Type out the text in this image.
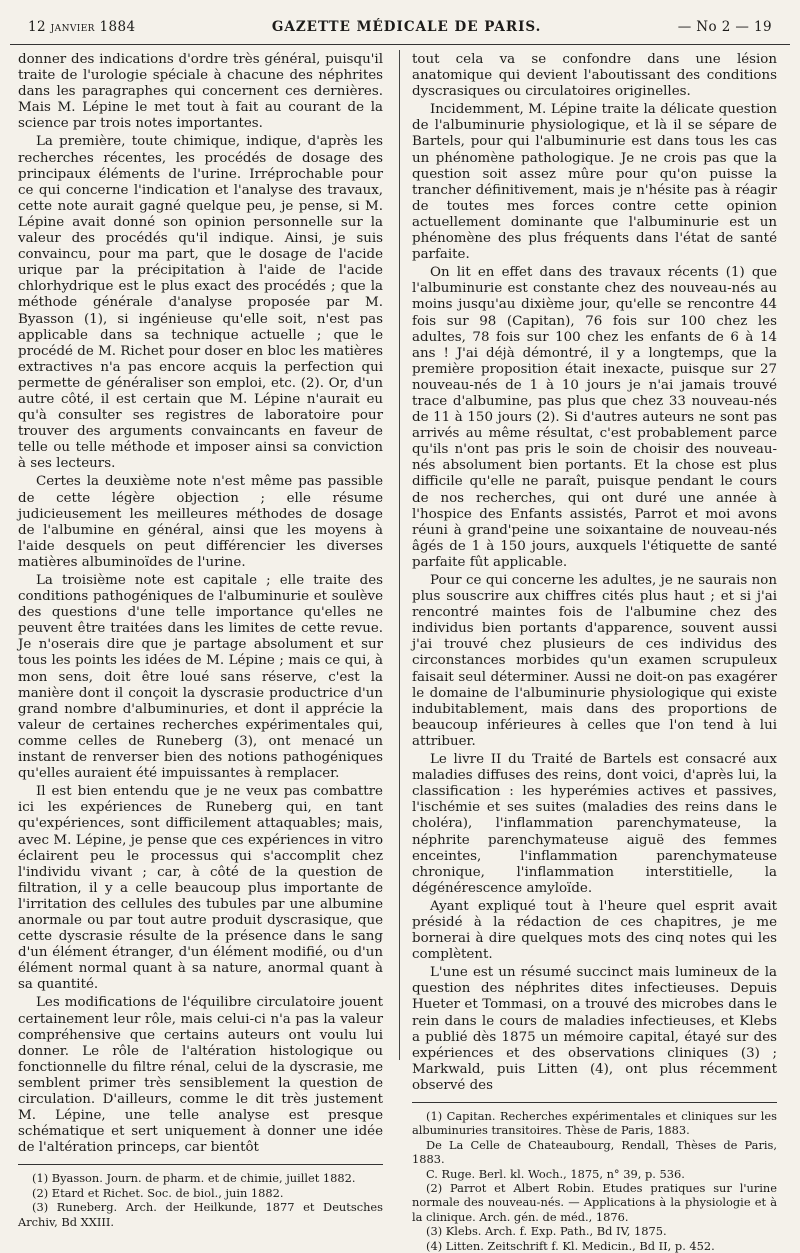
12 janvier 1884	GAZETTE MÉDICALE DE PARIS.	— No 2 — 19

donner des indications d'ordre très général, puisqu'il traite de l'urologie spéciale à chacune des néphrites dans les paragraphes qui concernent ces dernières. Mais M. Lépine le met tout à fait au courant de la science par trois notes importantes.

La première, toute chimique, indique, d'après les recherches récentes, les procédés de dosage des principaux éléments de l'urine. Irréprochable pour ce qui concerne l'indication et l'analyse des travaux, cette note aurait gagné quelque peu, je pense, si M. Lépine avait donné son opinion personnelle sur la valeur des procédés qu'il indique. Ainsi, je suis convaincu, pour ma part, que le dosage de l'acide urique par la précipitation à l'aide de l'acide chlorhydrique est le plus exact des procédés ; que la méthode générale d'analyse proposée par M. Byasson (1), si ingénieuse qu'elle soit, n'est pas applicable dans sa technique actuelle ; que le procédé de M. Richet pour doser en bloc les matières extractives n'a pas encore acquis la perfection qui permette de généraliser son emploi, etc. (2). Or, d'un autre côté, il est certain que M. Lépine n'aurait eu qu'à consulter ses registres de laboratoire pour trouver des arguments convaincants en faveur de telle ou telle méthode et imposer ainsi sa conviction à ses lecteurs.

Certes la deuxième note n'est même pas passible de cette légère objection ; elle résume judicieusement les meilleures méthodes de dosage de l'albumine en général, ainsi que les moyens à l'aide desquels on peut différencier les diverses matières albuminoïdes de l'urine.

La troisième note est capitale ; elle traite des conditions pathogéniques de l'albuminurie et soulève des questions d'une telle importance qu'elles ne peuvent être traitées dans les limites de cette revue. Je n'oserais dire que je partage absolument et sur tous les points les idées de M. Lépine ; mais ce qui, à mon sens, doit être loué sans réserve, c'est la manière dont il conçoit la dyscrasie productrice d'un grand nombre d'albuminuries, et dont il apprécie la valeur de certaines recherches expérimentales qui, comme celles de Runeberg (3), ont menacé un instant de renverser bien des notions pathogéniques qu'elles auraient été impuissantes à remplacer.

Il est bien entendu que je ne veux pas combattre ici les expériences de Runeberg qui, en tant qu'expériences, sont difficilement attaquables; mais, avec M. Lépine, je pense que ces expériences in vitro éclairent peu le processus qui s'accomplit chez l'individu vivant ; car, à côté de la question de filtration, il y a celle beaucoup plus importante de l'irritation des cellules des tubules par une albumine anormale ou par tout autre produit dyscrasique, que cette dyscrasie résulte de la présence dans le sang d'un élément étranger, d'un élément modifié, ou d'un élément normal quant à sa nature, anormal quant à sa quantité.

Les modifications de l'équilibre circulatoire jouent certainement leur rôle, mais celui-ci n'a pas la valeur compréhensive que certains auteurs ont voulu lui donner. Le rôle de l'altération histologique ou fonctionnelle du filtre rénal, celui de la dyscrasie, me semblent primer très sensiblement la question de circulation. D'ailleurs, comme le dit très justement M. Lépine, une telle analyse est presque schématique et sert uniquement à donner une idée de l'altération princeps, car bientôt

(1) Byasson. Journ. de pharm. et de chimie, juillet 1882.

(2) Etard et Richet. Soc. de biol., juin 1882.

(3) Runeberg. Arch. der Heilkunde, 1877 et Deutsches Archiv, Bd XXIII.

tout cela va se confondre dans une lésion anatomique qui devient l'aboutissant des conditions dyscrasiques ou circulatoires originelles.

Incidemment, M. Lépine traite la délicate question de l'albuminurie physiologique, et là il se sépare de Bartels, pour qui l'albuminurie est dans tous les cas un phénomène pathologique. Je ne crois pas que la question soit assez mûre pour qu'on puisse la trancher définitivement, mais je n'hésite pas à réagir de toutes mes forces contre cette opinion actuellement dominante que l'albuminurie est un phénomène des plus fréquents dans l'état de santé parfaite.

On lit en effet dans des travaux récents (1) que l'albuminurie est constante chez des nouveau-nés au moins jusqu'au dixième jour, qu'elle se rencontre 44 fois sur 98 (Capitan), 76 fois sur 100 chez les adultes, 78 fois sur 100 chez les enfants de 6 à 14 ans ! J'ai déjà démontré, il y a longtemps, que la première proposition était inexacte, puisque sur 27 nouveau-nés de 1 à 10 jours je n'ai jamais trouvé trace d'albumine, pas plus que chez 33 nouveau-nés de 11 à 150 jours (2). Si d'autres auteurs ne sont pas arrivés au même résultat, c'est probablement parce qu'ils n'ont pas pris le soin de choisir des nouveau-nés absolument bien portants. Et la chose est plus difficile qu'elle ne paraît, puisque pendant le cours de nos recherches, qui ont duré une année à l'hospice des Enfants assistés, Parrot et moi avons réuni à grand'peine une soixantaine de nouveau-nés âgés de 1 à 150 jours, auxquels l'étiquette de santé parfaite fût applicable.

Pour ce qui concerne les adultes, je ne saurais non plus souscrire aux chiffres cités plus haut ; et si j'ai rencontré maintes fois de l'albumine chez des individus bien portants d'apparence, souvent aussi j'ai trouvé chez plusieurs de ces individus des circonstances morbides qu'un examen scrupuleux faisait seul déterminer. Aussi ne doit-on pas exagérer le domaine de l'albuminurie physiologique qui existe indubitablement, mais dans des proportions de beaucoup inférieures à celles que l'on tend à lui attribuer.

Le livre II du Traité de Bartels est consacré aux maladies diffuses des reins, dont voici, d'après lui, la classification : les hyperémies actives et passives, l'ischémie et ses suites (maladies des reins dans le choléra), l'inflammation parenchymateuse, la néphrite parenchymateuse aiguë des femmes enceintes, l'inflammation parenchymateuse chronique, l'inflammation interstitielle, la dégénérescence amyloïde.

Ayant expliqué tout à l'heure quel esprit avait présidé à la rédaction de ces chapitres, je me bornerai à dire quelques mots des cinq notes qui les complètent.

L'une est un résumé succinct mais lumineux de la question des néphrites dites infectieuses. Depuis Hueter et Tommasi, on a trouvé des microbes dans le rein dans le cours de maladies infectieuses, et Klebs a publié dès 1875 un mémoire capital, étayé sur des expériences et des observations cliniques (3) ; Markwald, puis Litten (4), ont plus récemment observé des

(1) Capitan. Recherches expérimentales et cliniques sur les albuminuries transitoires. Thèse de Paris, 1883.

De La Celle de Chateaubourg, Rendall, Thèses de Paris, 1883.

C. Ruge. Berl. kl. Woch., 1875, n° 39, p. 536.

(2) Parrot et Albert Robin. Etudes pratiques sur l'urine normale des nouveau-nés. — Applications à la physiologie et à la clinique. Arch. gén. de méd., 1876.

(3) Klebs. Arch. f. Exp. Path., Bd IV, 1875.

(4) Litten. Zeitschrift f. Kl. Medicin., Bd II, p. 452.
